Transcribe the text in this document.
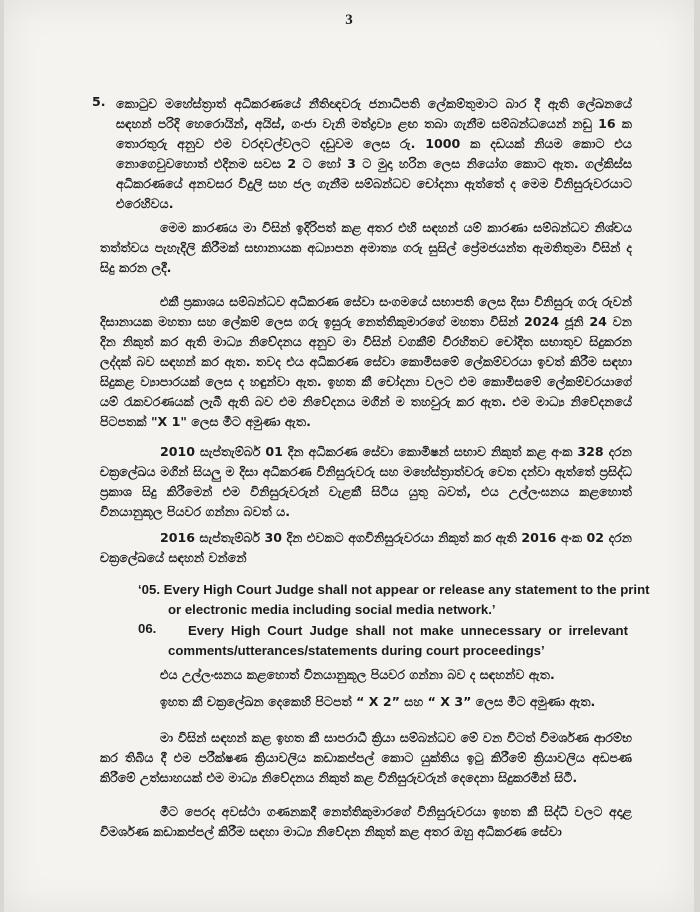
3
5. කොටුව මහේස්ත්‍රාත් අධිකරණයේ නීතිඥවරු ජනාධිපති ලේකම්තුමාට බාර දී ඇති ලේඛනයේ සඳහන් පරිදි හෙරොයින්, අයිස්, ගංජා වැනි මත්ද්‍රව්‍ය ළඟ තබා ගැනීම සම්බන්ධයෙන් නඩු 16 ක තොරතුරු අනුව එම වරදවල්වලට දඩුවම ලෙස රු. 1000 ක දඩයක් නියම කොට එය නොගෙවුවහොත් එදිනම සවස 2 ට හෝ 3 ට මුදා හරින ලෙස නියෝග කොට ඇත. ගල්කිස්ස අධිකරණයේ අනවසර විදුලි සහ ජල ගැනීම සම්බන්ධව චෝදනා ඇත්තේ ද මෙම විනිසුරුවරයාට එරෙහිවය.

මෙම කාරණය මා විසින් ඉදිරිපත් කළ අතර එහි සඳහන් යම් කාරණා සම්බන්ධව නිශ්චය තත්ත්වය පැහැදිලි කිරීමක් සභානායක අධ්‍යාපන අමාත්‍ය ගරු සුසිල් ප්‍රේමජයන්ත ඇමතිතුමා විසින් ද සිදු කරන ලදී.

එකී ප්‍රකාශය සම්බන්ධව අධිකරණ සේවා සංගමයේ සභාපති ලෙස දිසා විනිසුරු ගරු රුවන් දිසානායක මහතා සහ ලේකම් ලෙස ගරු ඉසුරු නෙත්තිකුමාරගේ මහතා විසින් 2024 ජූනි 24 වන දින නිකුත් කර ඇති මාධ්‍ය නිවේදනය අනුව මා විසින් වගකීම් විරහිතව චෝදිත සභාතුව සිදුකරන ලද්දක් බව සඳහන් කර ඇත. තවද එය අධිකරණ සේවා කොමිසමේ ලේකම්වරයා ඉවත් කිරීම සඳහා සිදුකළ ව්‍යාපාරයක් ලෙස ද හඳුන්වා ඇත. ඉහත කී චෝදනා වලට එම කොමිසමේ ලේකම්වරයාගේ යම් රැකවරණයක් ලැබී ඇති බව එම නිවේදනය මගින් ම තහවුරු කර ඇත. එම මාධ්‍ය නිවේදනයේ පිටපතක් "X 1" ලෙස මීට අමුණා ඇත.

2010 සැප්තැම්බර් 01 දින අධිකරණ සේවා කොමිෂන් සභාව නිකුත් කළ අංක 328 දරන චක්‍රලේඛය මගින් සියලු ම දිසා අධිකරණ විනිසුරුවරු සහ මහේස්ත්‍රාත්වරු වෙත දන්වා ඇත්තේ ප්‍රසිද්ධ ප්‍රකාශ සිදු කිරීමෙන් එම විනිසුරුවරුන් වැළකී සිටිය යුතු බවත්, එය උල්ලංඝනය කළහොත් විනයානුකූල පියවර ගන්නා බවත් ය.

2016 සැප්තැම්බර් 30 දින එවකට අගවිනිසුරුවරයා නිකුත් කර ඇති 2016 අංක 02 දරන චක්‍රලේඛයේ සඳහන් වන්නේ

‘05. Every High Court Judge shall not appear or release any statement to the print
or electronic media including social media network.’
06. Every High Court Judge shall not make unnecessary or irrelevant
comments/utterances/statements during court proceedings’

එය උල්ලංඝනය කළහොත් විනයානුකූල පියවර ගන්නා බව ද සඳහන්ව ඇත.

ඉහත කී චක්‍රලේඛන දෙකෙහි පිටපත් “ X 2” සහ “ X 3” ලෙස මීට අමුණා ඇත.

මා විසින් සඳහන් කළ ඉහත කී සාපරාධී ක්‍රියා සම්බන්ධව මේ වන විටත් විමර්ශණ ආරම්භ කර තිබිය දී එම පරීක්ෂණ ක්‍රියාවලිය කඩාකප්පල් කොට යුක්තිය ඉටු කිරීමේ ක්‍රියාවලිය අඩපණ කිරීමේ උත්සාහයක් එම මාධ්‍ය නිවේදනය නිකුත් කළ විනිසුරුවරුන් දෙදෙනා සිදුකරමින් සිටී.

මීට පෙරද අවස්ථා ගණනකදී නෙත්තිකුමාරගේ විනිසුරුවරයා ඉහත කී සිද්ධි වලට අදාළ විමර්ශණ කඩාකප්පල් කිරීම සඳහා මාධ්‍ය නිවේදන නිකුත් කළ අතර ඔහු අධිකරණ සේවා
